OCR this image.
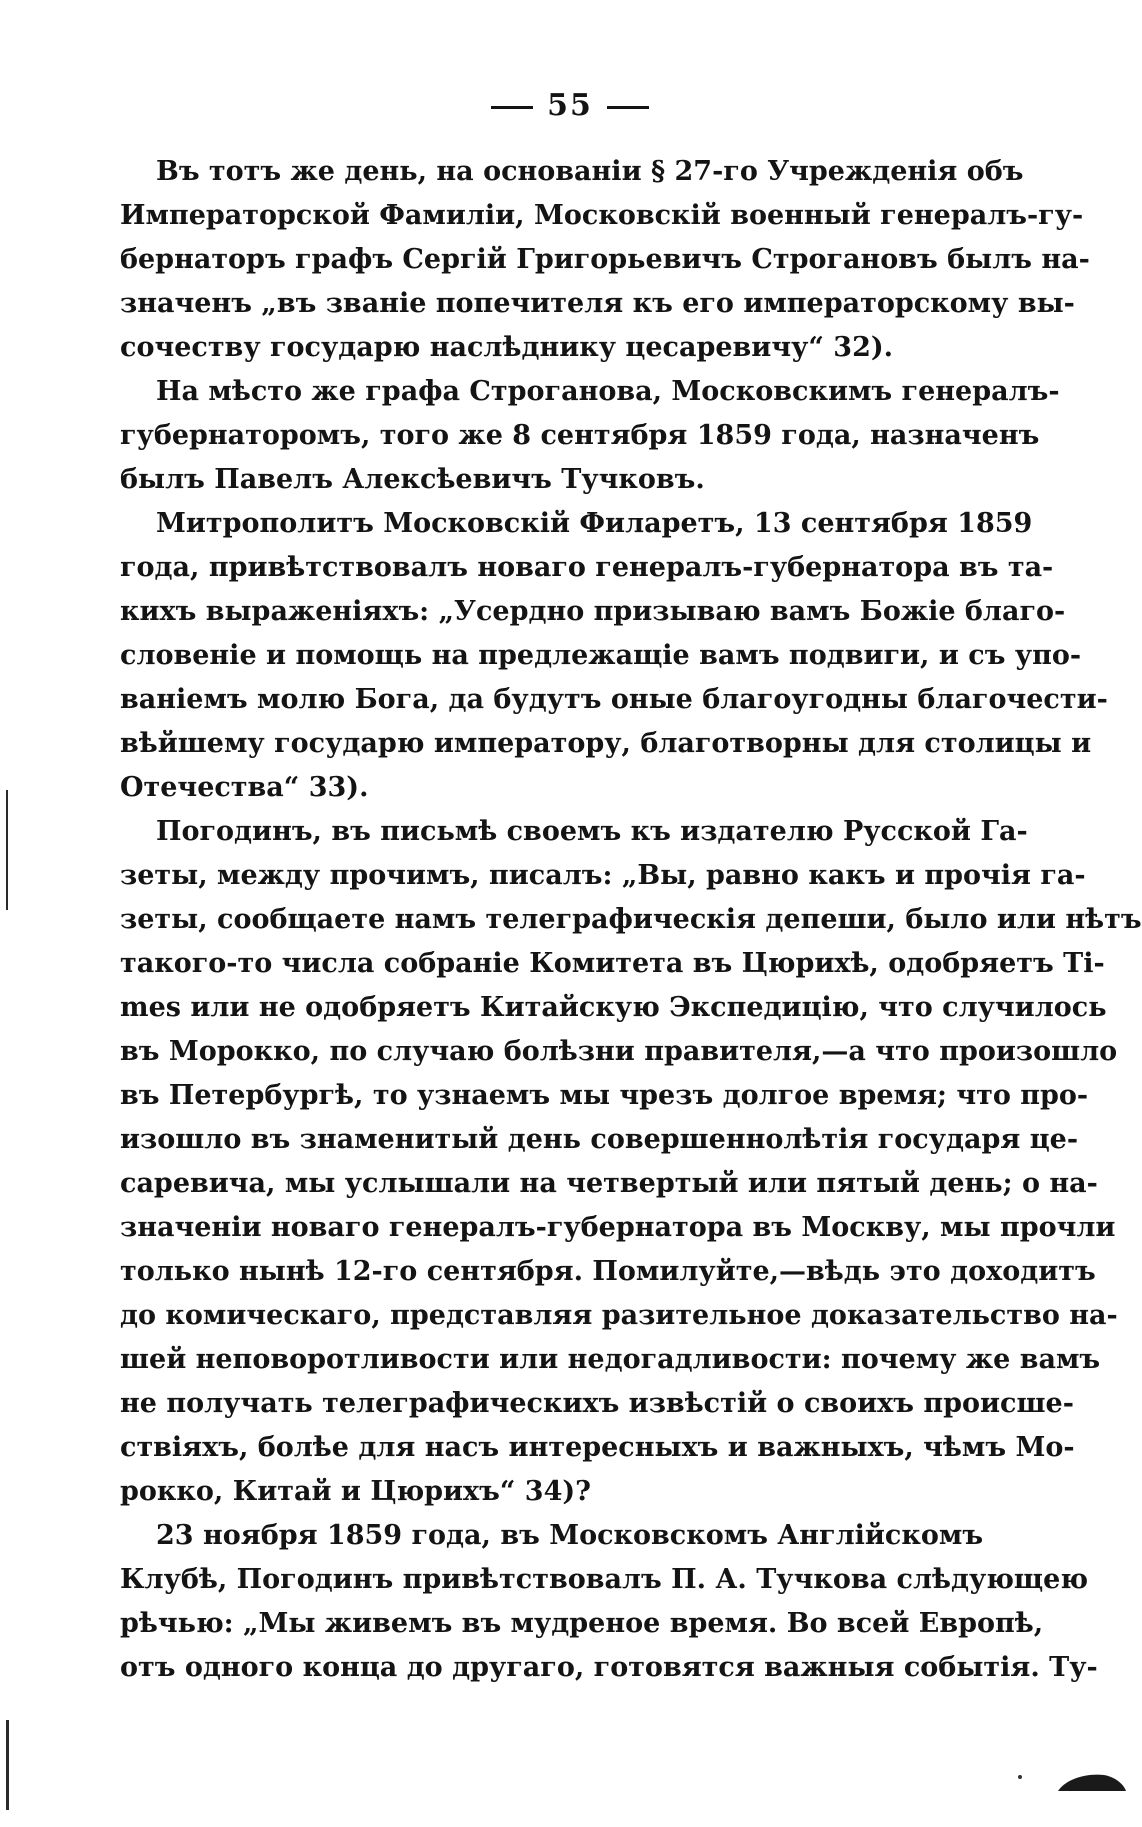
55
Въ тотъ же день, на основаніи § 27-го Учрежденія объ
Императорской Фамиліи, Московскій военный генералъ-гу-
бернаторъ графъ Сергій Григорьевичъ Строгановъ былъ на-
значенъ „въ званіе попечителя къ его императорскому вы-
сочеству государю наслѣднику цесаревичу“ 32).
На мѣсто же графа Строганова, Московскимъ генералъ-
губернаторомъ, того же 8 сентября 1859 года, назначенъ
былъ Павелъ Алексѣевичъ Тучковъ.
Митрополитъ Московскій Филаретъ, 13 сентября 1859
года, привѣтствовалъ новаго генералъ-губернатора въ та-
кихъ выраженіяхъ: „Усердно призываю вамъ Божіе благо-
словеніе и помощь на предлежащіе вамъ подвиги, и съ упо-
ваніемъ молю Бога, да будутъ оные благоугодны благочести-
вѣйшему государю императору, благотворны для столицы и
Отечества“ 33).
Погодинъ, въ письмѣ своемъ къ издателю Русской Га-
зеты, между прочимъ, писалъ: „Вы, равно какъ и прочія га-
зеты, сообщаете намъ телеграфическія депеши, было или нѣтъ
такого-то числа собраніе Комитета въ Цюрихѣ, одобряетъ Ti-
mes или не одобряетъ Китайскую Экспедицію, что случилось
въ Мороккo, по случаю болѣзни правителя,—а что произошло
въ Петербургѣ, то узнаемъ мы чрезъ долгое время; что про-
изошло въ знаменитый день совершеннолѣтія государя це-
саревича, мы услышали на четвертый или пятый день; о на-
значеніи новаго генералъ-губернатора въ Москву, мы прочли
только нынѣ 12-го сентября. Помилуйте,—вѣдь это доходитъ
до комическаго, представляя разительное доказательство на-
шей неповоротливости или недогадливости: почему же вамъ
не получать телеграфическихъ извѣстій о своихъ происше-
ствіяхъ, болѣе для насъ интересныхъ и важныхъ, чѣмъ Мо-
рокко, Китай и Цюрихъ“ 34)?
23 ноября 1859 года, въ Московскомъ Англійскомъ
Клубѣ, Погодинъ привѣтствовалъ П. А. Тучкова слѣдующею
рѣчью: „Мы живемъ въ мудреное время. Во всей Европѣ,
отъ одного конца до другаго, готовятся важныя событія. Ту-
